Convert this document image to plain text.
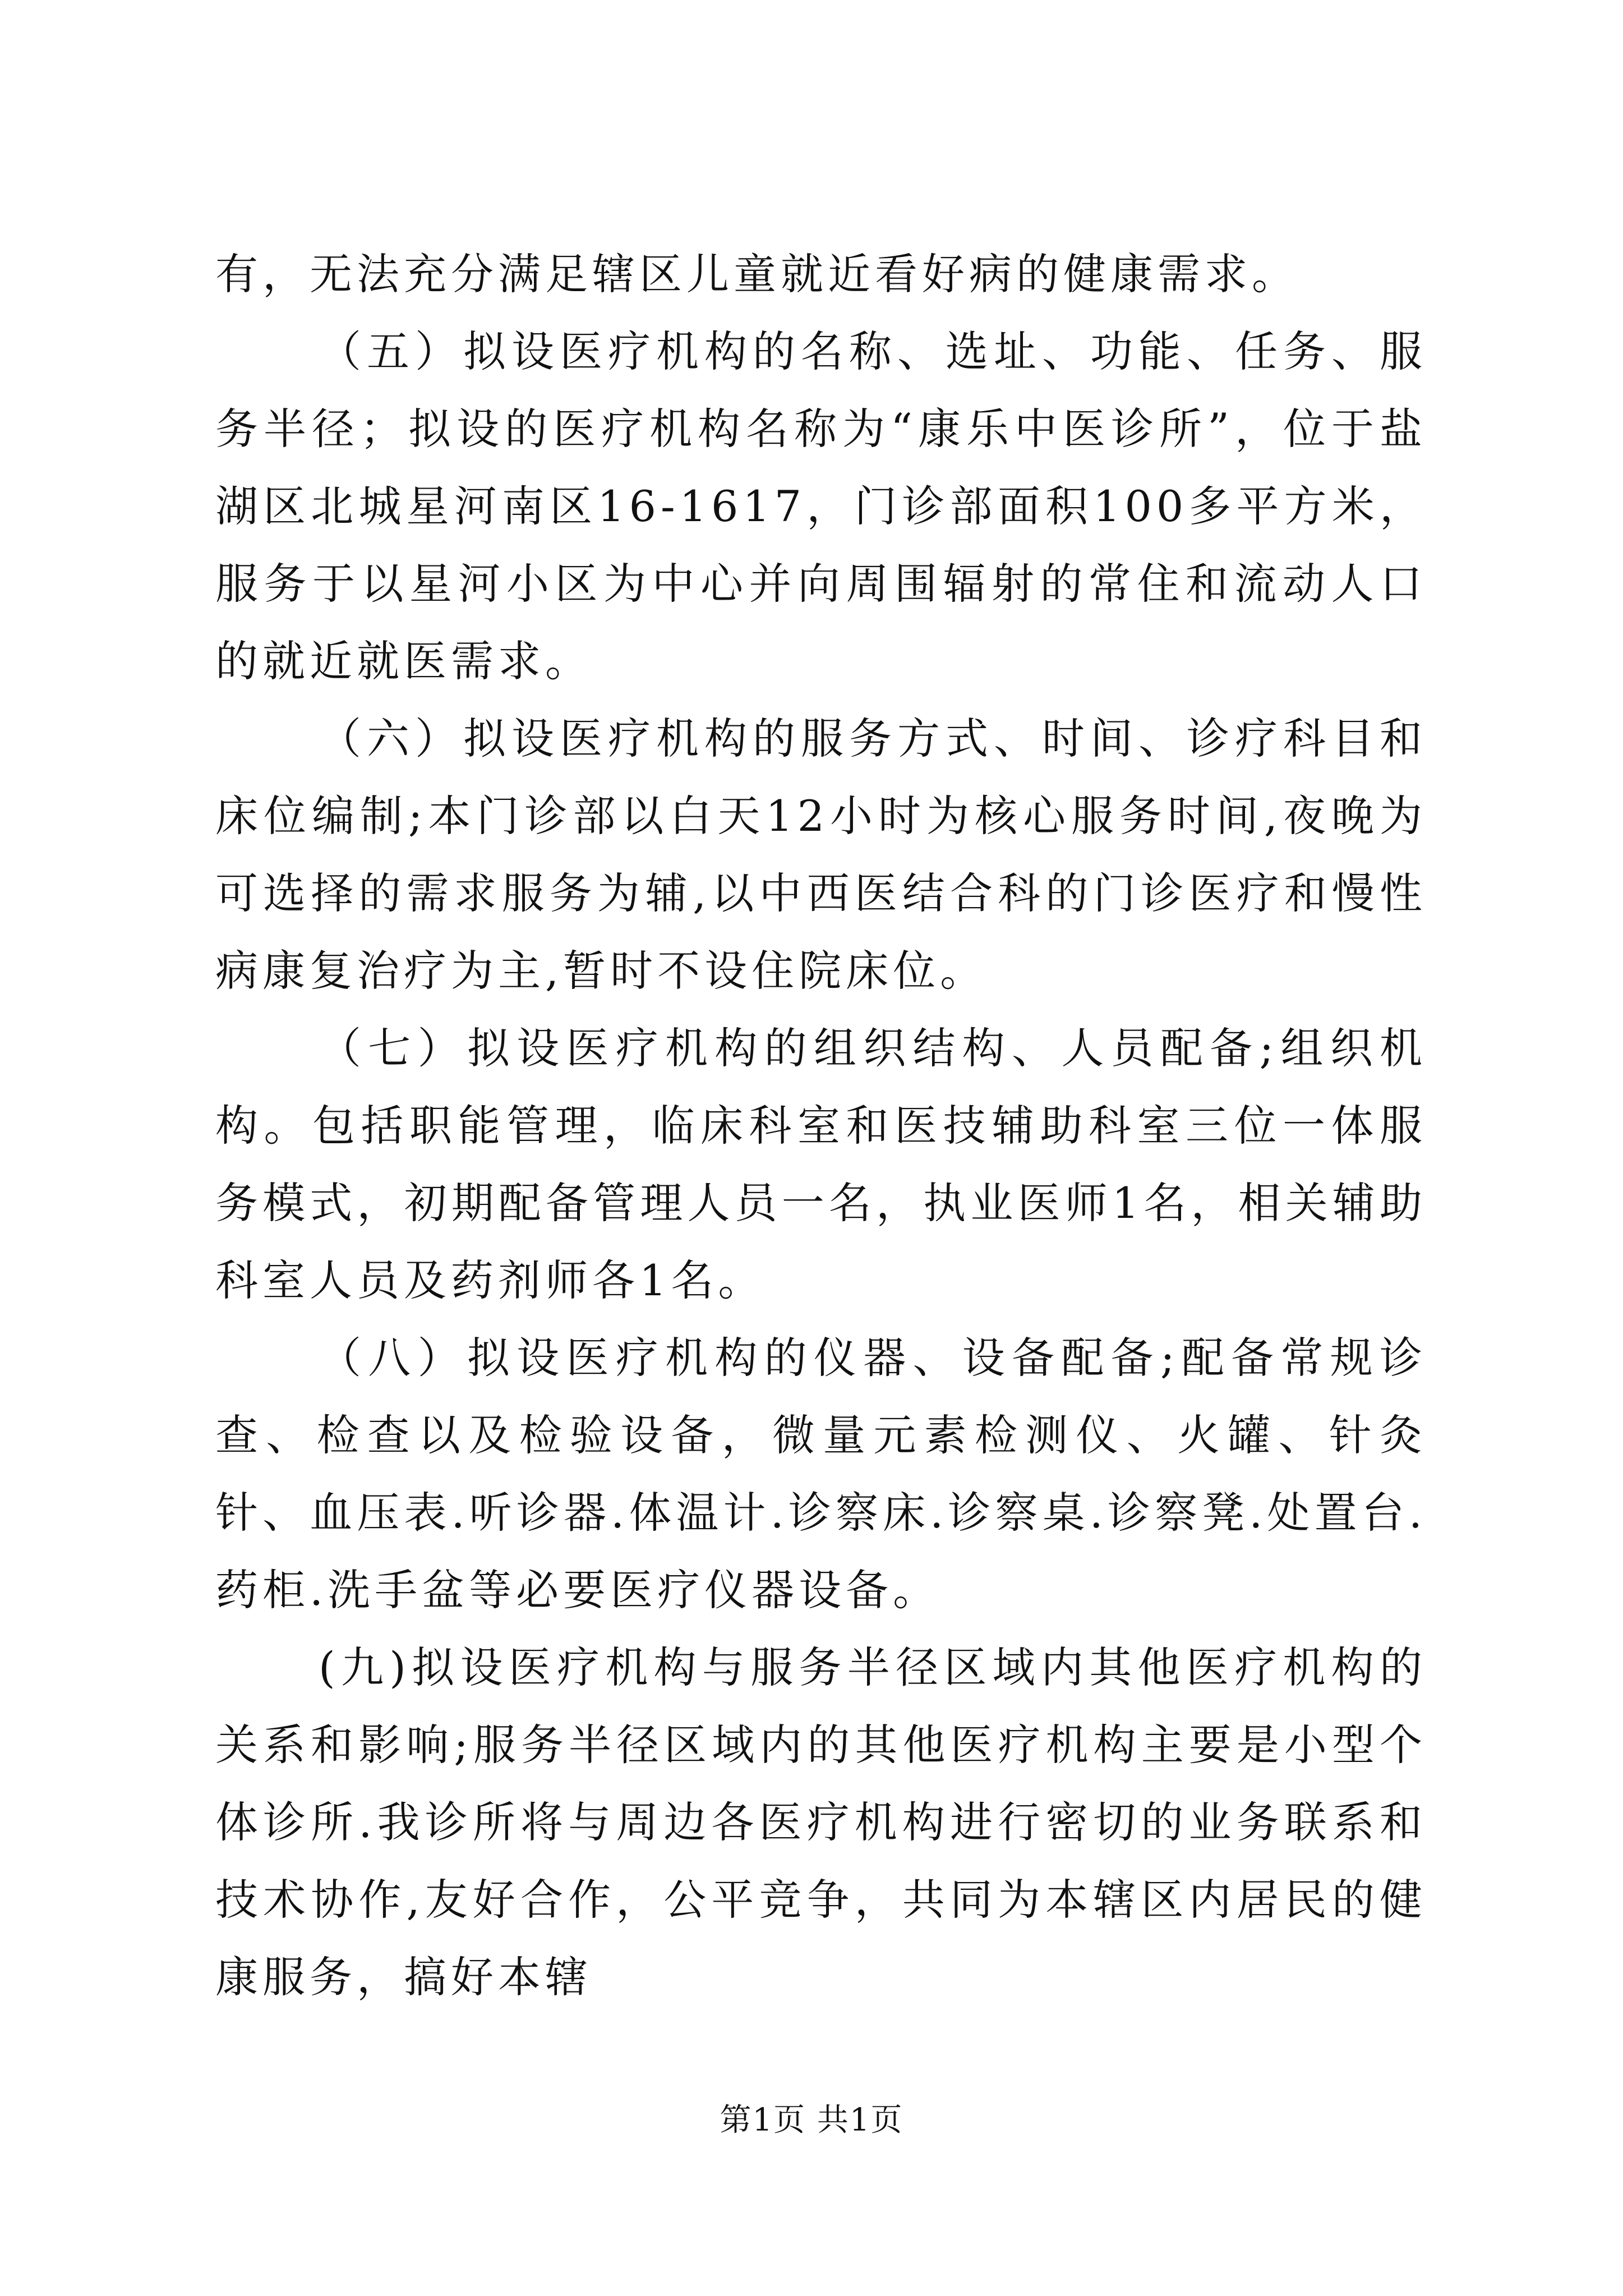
有，无法充分满足辖区儿童就近看好病的健康需求。

（五）拟设医疗机构的名称、选址、功能、任务、服务半径；拟设的医疗机构名称为“康乐中医诊所”，位于盐湖区北城星河南区16-1617，门诊部面积100多平方米，服务于以星河小区为中心并向周围辐射的常住和流动人口的就近就医需求。

（六）拟设医疗机构的服务方式、时间、诊疗科目和床位编制;本门诊部以白天12小时为核心服务时间,夜晚为可选择的需求服务为辅,以中西医结合科的门诊医疗和慢性病康复治疗为主,暂时不设住院床位。

（七）拟设医疗机构的组织结构、人员配备;组织机构。包括职能管理，临床科室和医技辅助科室三位一体服务模式，初期配备管理人员一名，执业医师1名，相关辅助科室人员及药剂师各1名。

（八）拟设医疗机构的仪器、设备配备;配备常规诊查、检查以及检验设备，微量元素检测仪、火罐、针灸针、血压表.听诊器.体温计.诊察床.诊察桌.诊察凳.处置台.药柜.洗手盆等必要医疗仪器设备。

(九)拟设医疗机构与服务半径区域内其他医疗机构的关系和影响;服务半径区域内的其他医疗机构主要是小型个体诊所.我诊所将与周边各医疗机构进行密切的业务联系和技术协作,友好合作，公平竞争，共同为本辖区内居民的健康服务，搞好本辖

第1页 共1页
